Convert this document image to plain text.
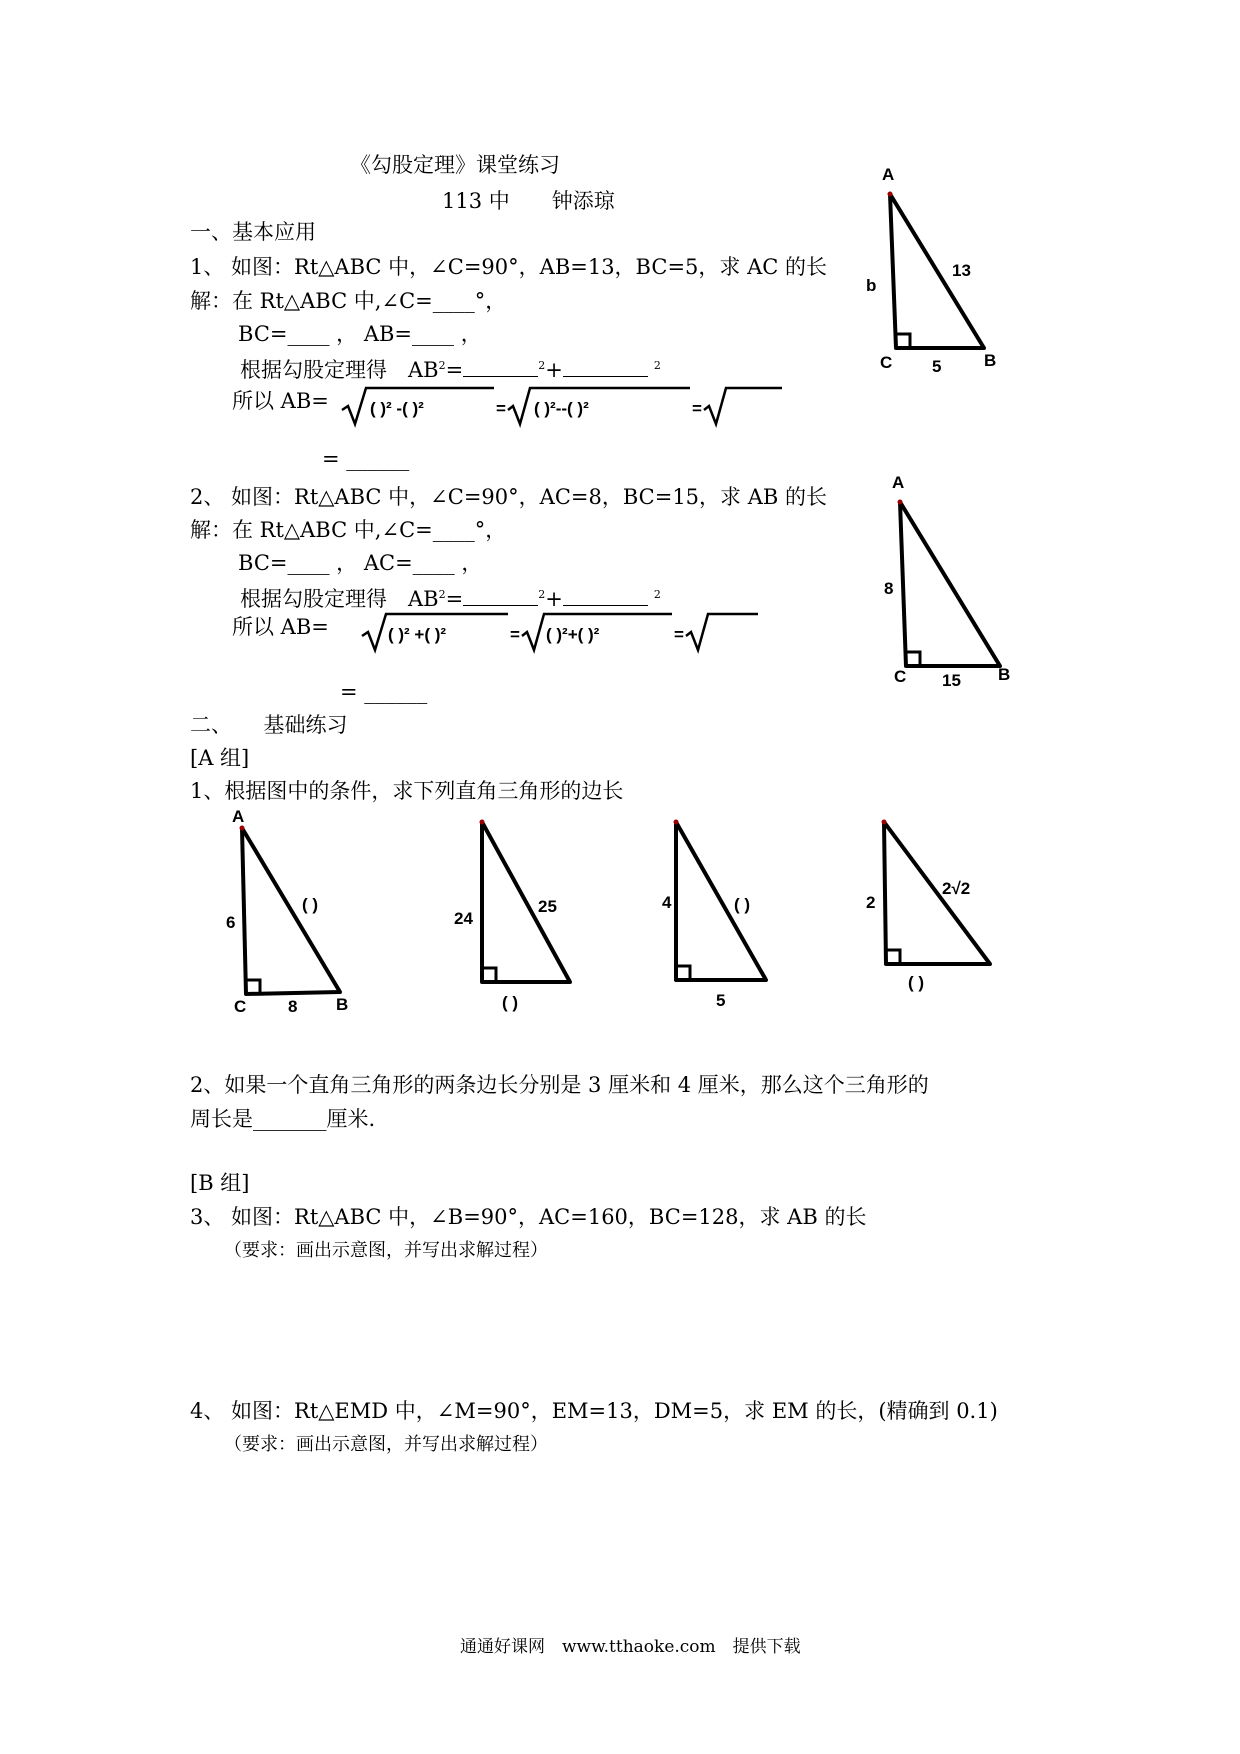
《勾股定理》课堂练习
113 中　　钟添琼
一、基本应用
1、 如图：Rt△ABC 中，∠C=90°，AB=13，BC=5，求 AC 的长
解：在 Rt△ABC 中,∠C=____°，
BC=____ ， AB=____ ，
根据勾股定理得　$AB^2=$	$^2$+	$^2$
所以 AB= ( )² -( )²	= ( )²--( )²	=
= ______
A
C	B
b
13
5
2、 如图：Rt△ABC 中，∠C=90°，AC=8，BC=15，求 AB 的长
解：在 Rt△ABC 中,∠C=____°，
BC=____ ， AC=____ ，
根据勾股定理得　$AB^2=$	$^2$+	$^2$
所以 AB=	( )² +( )²	= ( )²+( )²	=
= ______
A
C	B
8
15
二、　　基础练习
[A 组]
1、根据图中的条件，求下列直角三角形的边长
A
C	B
6
8
( )
24
25
( )
4	( )
5
2
2√2
( )
2、如果一个直角三角形的两条边长分别是 3 厘米和 4 厘米，那么这个三角形的
周长是_______厘米.
[B 组]
3、 如图：Rt△ABC 中，∠B=90°，AC=160，BC=128，求 AB 的长
（要求：画出示意图，并写出求解过程）
4、 如图：Rt△EMD 中，∠M=90°，EM=13，DM=5，求 EM 的长，(精确到 0.1)
（要求：画出示意图，并写出求解过程）
通通好课网　www.tthaoke.com　提供下载
